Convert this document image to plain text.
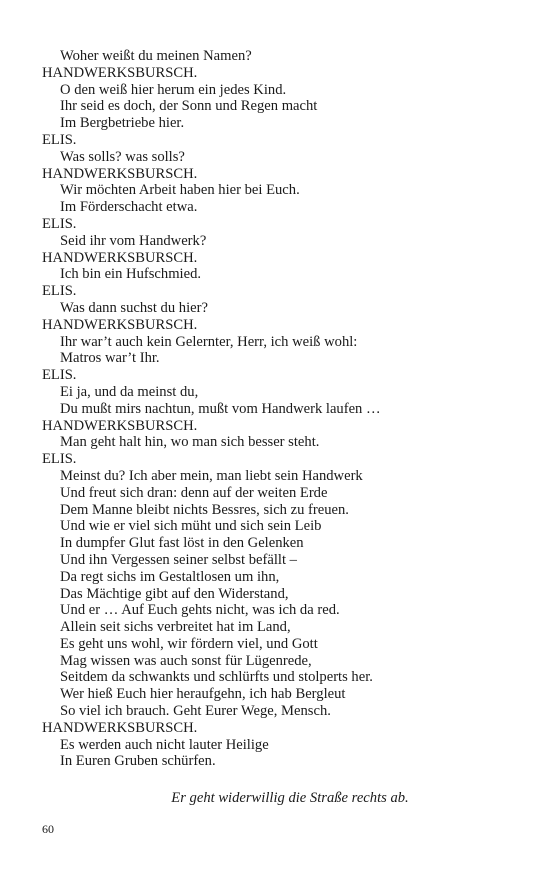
Woher weißt du meinen Namen?
HANDWERKSBURSCH.
O den weiß hier herum ein jedes Kind.
Ihr seid es doch, der Sonn und Regen macht
Im Bergbetriebe hier.
ELIS.
Was solls? was solls?
HANDWERKSBURSCH.
Wir möchten Arbeit haben hier bei Euch.
Im Förderschacht etwa.
ELIS.
Seid ihr vom Handwerk?
HANDWERKSBURSCH.
Ich bin ein Hufschmied.
ELIS.
Was dann suchst du hier?
HANDWERKSBURSCH.
Ihr war’t auch kein Gelernter, Herr, ich weiß wohl:
Matros war’t Ihr.
ELIS.
Ei ja, und da meinst du,
Du mußt mirs nachtun, mußt vom Handwerk laufen …
HANDWERKSBURSCH.
Man geht halt hin, wo man sich besser steht.
ELIS.
Meinst du? Ich aber mein, man liebt sein Handwerk
Und freut sich dran: denn auf der weiten Erde
Dem Manne bleibt nichts Bessres, sich zu freuen.
Und wie er viel sich müht und sich sein Leib
In dumpfer Glut fast löst in den Gelenken
Und ihn Vergessen seiner selbst befällt –
Da regt sichs im Gestaltlosen um ihn,
Das Mächtige gibt auf den Widerstand,
Und er … Auf Euch gehts nicht, was ich da red.
Allein seit sichs verbreitet hat im Land,
Es geht uns wohl, wir fördern viel, und Gott
Mag wissen was auch sonst für Lügenrede,
Seitdem da schwankts und schlürfts und stolperts her.
Wer hieß Euch hier heraufgehn, ich hab Bergleut
So viel ich brauch. Geht Eurer Wege, Mensch.
HANDWERKSBURSCH.
Es werden auch nicht lauter Heilige
In Euren Gruben schürfen.
Er geht widerwillig die Straße rechts ab.
60
